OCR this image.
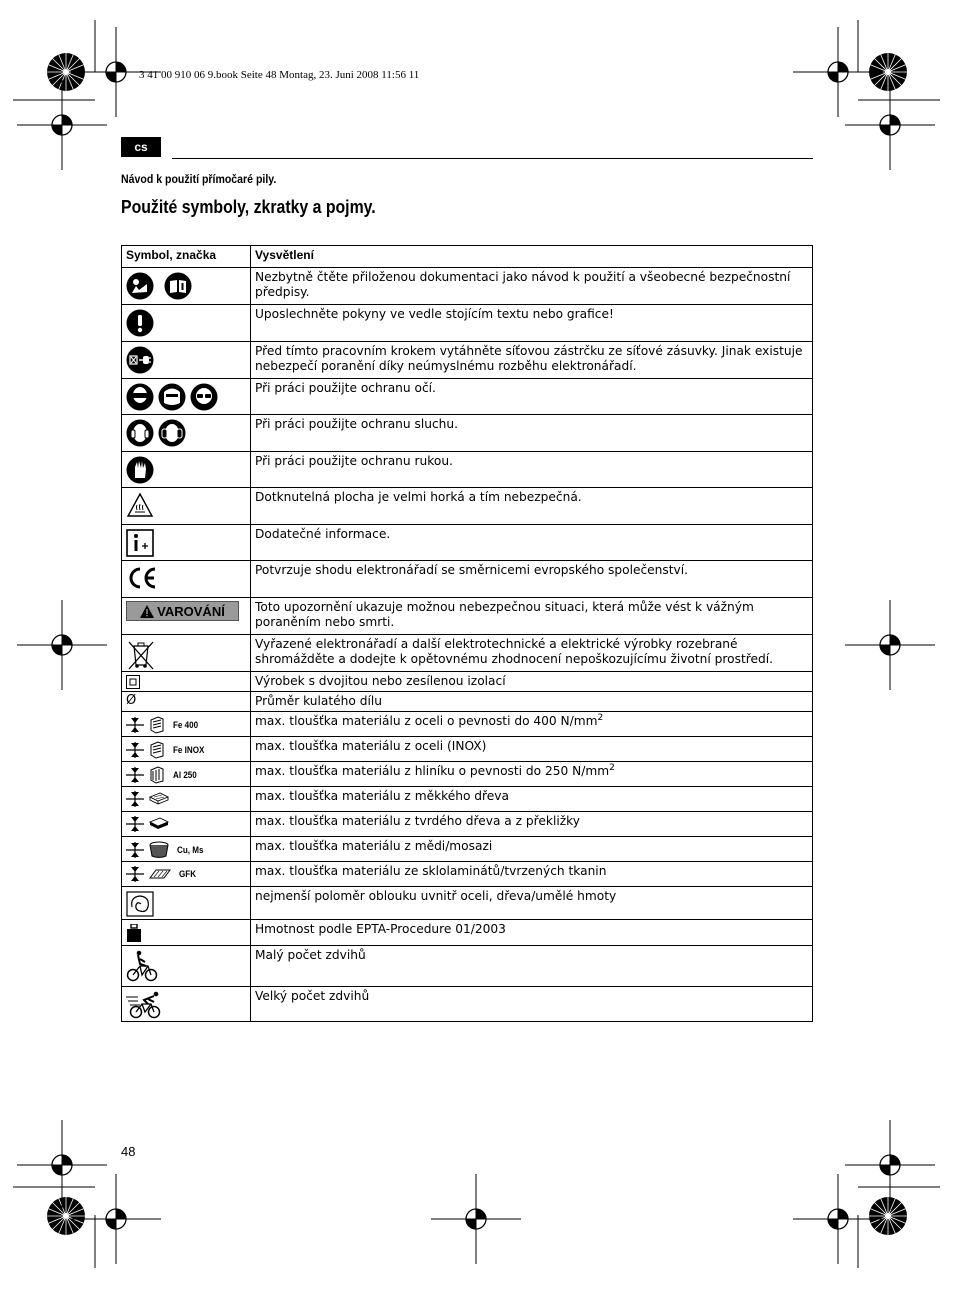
3 41 00 910 06 9.book Seite 48 Montag, 23. Juni 2008 11:56 11
cs
Návod k použití přímočaré pily.
Použité symboly, zkratky a pojmy.
Symbol, značka	Vysvětlení

	Nezbytně čtěte přiloženou dokumentaci jako návod k použití a všeobecné bezpečnostní předpisy.

	Uposlechněte pokyny ve vedle stojícím textu nebo grafice!

	Před tímto pracovním krokem vytáhněte síťovou zástrčku ze síťové zásuvky. Jinak existuje nebezpečí poranění díky neúmyslnému rozběhu elektronářadí.

	Při práci použijte ochranu očí.

	Při práci použijte ochranu sluchu.

	Při práci použijte ochranu rukou.

	Dotknutelná plocha je velmi horká a tím nebezpečná.

	Dodatečné informace.

	Potvrzuje shodu elektronářadí se směrnicemi evropského společenství.

VAROVÁNÍ	Toto upozornění ukazuje možnou nebezpečnou situaci, která může vést k vážným poraněním nebo smrti.

	Vyřazené elektronářadí a další elektrotechnické a elektrické výrobky rozebrané shromážděte a dodejte k opětovnému zhodnocení nepoškozujícímu životní prostředí.

	Výrobek s dvojitou nebo zesílenou izolací

Ø	Průměr kulatého dílu

Fe 400	max. tloušťka materiálu z oceli o pevnosti do 400 $N/mm^2$

Fe INOX	max. tloušťka materiálu z oceli (INOX)

Al 250	max. tloušťka materiálu z hliníku o pevnosti do 250 $N/mm^2$

	max. tloušťka materiálu z měkkého dřeva

	max. tloušťka materiálu z tvrdého dřeva a z překližky

Cu, Ms	max. tloušťka materiálu z mědi/mosazi

GFK	max. tloušťka materiálu ze sklolaminátů/tvrzených tkanin

	nejmenší poloměr oblouku uvnitř oceli, dřeva/umělé hmoty

	Hmotnost podle EPTA-Procedure 01/2003

	Malý počet zdvihů

	Velký počet zdvihů
48
